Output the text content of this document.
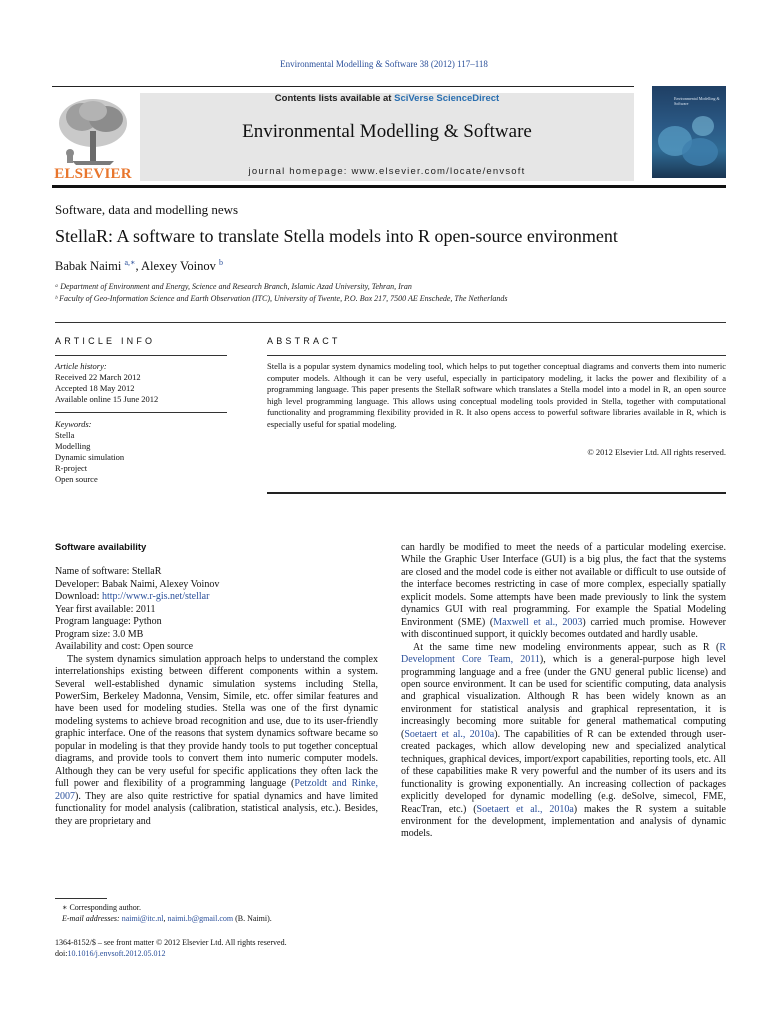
Environmental Modelling & Software 38 (2012) 117–118
ELSEVIER
Contents lists available at SciVerse ScienceDirect
Environmental Modelling & Software
journal homepage: www.elsevier.com/locate/envsoft
Environmental Modelling & Software
Software, data and modelling news
StellaR: A software to translate Stella models into R open-source environment
Babak Naimi $^{a,∗}$, Alexey Voinov $^b$
ᵃ Department of Environment and Energy, Science and Research Branch, Islamic Azad University, Tehran, Iran
ᵇ Faculty of Geo-Information Science and Earth Observation (ITC), University of Twente, P.O. Box 217, 7500 AE Enschede, The Netherlands
ARTICLE INFO
Article history:
Received 22 March 2012
Accepted 18 May 2012
Available online 15 June 2012
Keywords:
Stella
Modelling
Dynamic simulation
R-project
Open source
ABSTRACT
Stella is a popular system dynamics modeling tool, which helps to put together conceptual diagrams and converts them into numeric computer models. Although it can be very useful, especially in participatory modeling, it lacks the power and flexibility of a programming language. This paper presents the StellaR software which translates a Stella model into a model in R, an open source high level programming language. This allows using conceptual modeling tools provided in Stella, together with computational functionality and programming flexibility provided in R. It also opens access to powerful software libraries available in R, which is especially useful for spatial modeling.
© 2012 Elsevier Ltd. All rights reserved.
Software availability
Name of software: StellaR
Developer: Babak Naimi, Alexey Voinov
Download: http://www.r-gis.net/stellar
Year first available: 2011
Program language: Python
Program size: 3.0 MB
Availability and cost: Open source

The system dynamics simulation approach helps to understand the complex interrelationships existing between different components within a system. Several well-established dynamic simulation systems including Stella, PowerSim, Berkeley Madonna, Vensim, Simile, etc. offer similar features and have been used for modeling studies. Stella was one of the first dynamic modeling systems to achieve broad recognition and use, due to its user-friendly graphic interface. One of the reasons that system dynamics software became so popular in modeling is that they provide handy tools to put together conceptual diagrams, and provide tools to convert them into numeric computer models. Although they can be very useful for specific applications they often lack the full power and flexibility of a programming language (Petzoldt and Rinke, 2007). They are also quite restrictive for spatial dynamics and have limited functionality for model analysis (calibration, statistical analysis, etc.). Besides, they are proprietary and

can hardly be modified to meet the needs of a particular modeling exercise. While the Graphic User Interface (GUI) is a big plus, the fact that the systems are closed and the model code is either not available or difficult to use outside of the interface becomes restricting in case of more complex, especially spatially explicit models. Some attempts have been made previously to link the system dynamics GUI with real programming. For example the Spatial Modeling Environment (SME) (Maxwell et al., 2003) carried much promise. However with discontinued support, it quickly becomes outdated and hardly usable.

At the same time new modeling environments appear, such as R (R Development Core Team, 2011), which is a general-purpose high level programming language and a free (under the GNU general public license) and open source environment. It can be used for scientific computing, data analysis and graphical visualization. Although R has been widely known as an environment for statistical analysis and graphical representation, it is increasingly becoming more suitable for general mathematical computing (Soetaert et al., 2010a). The capabilities of R can be extended through user-created packages, which allow developing new and specialized analytical techniques, graphical devices, import/export capabilities, reporting tools, etc. All of these capabilities make R very powerful and the number of its users and its functionality is growing exponentially. An increasing collection of packages explicitly developed for dynamic modelling (e.g. deSolve, simecol, FME, ReacTran, etc.) (Soetaert et al., 2010a) makes the R system a suitable environment for the development, implementation and analysis of dynamic models.

∗ Corresponding author.
E-mail addresses: naimi@itc.nl, naimi.b@gmail.com (B. Naimi).
1364-8152/$ – see front matter © 2012 Elsevier Ltd. All rights reserved.
doi:10.1016/j.envsoft.2012.05.012
